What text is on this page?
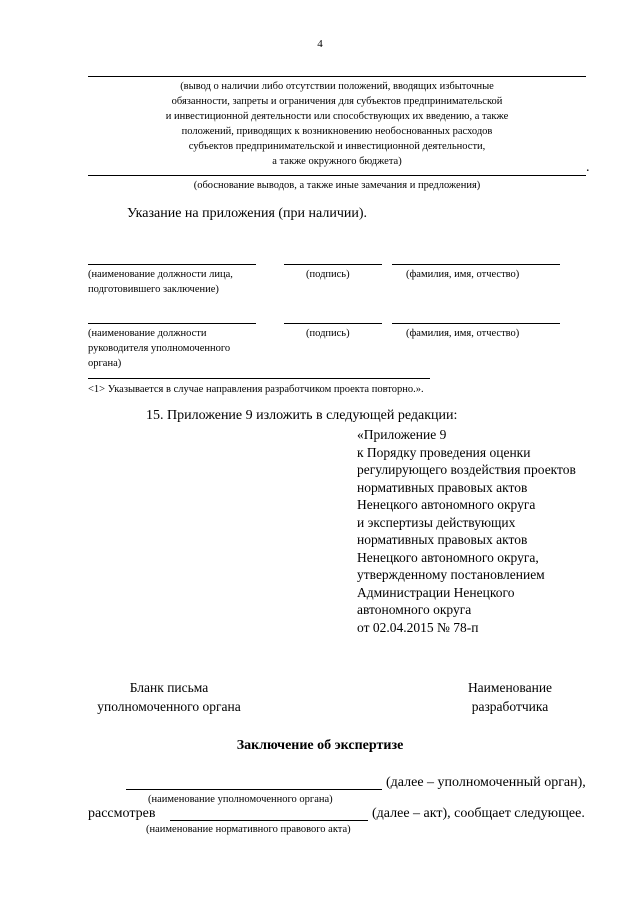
4
(вывод о наличии либо отсутствии положений, вводящих избыточные
обязанности, запреты и ограничения для субъектов предпринимательской
и инвестиционной деятельности или способствующих их введению, а также
положений, приводящих к возникновению необоснованных расходов
субъектов предпринимательской и инвестиционной деятельности,
а также окружного бюджета)	.
(обоснование выводов, а также иные замечания и предложения)
Указание на приложения (при наличии).
(наименование должности лица,
подготовившего заключение)
(подпись)	(фамилия, имя, отчество)
(наименование должности
руководителя уполномоченного
органа)
(подпись)	(фамилия, имя, отчество)
<1> Указывается в случае направления разработчиком проекта повторно.».
15. Приложение 9 изложить в следующей редакции:
«Приложение 9
к Порядку проведения оценки
регулирующего воздействия проектов
нормативных правовых актов
Ненецкого автономного округа
и экспертизы действующих
нормативных правовых актов
Ненецкого автономного округа,
утвержденному постановлением
Администрации Ненецкого
автономного округа
от 02.04.2015 № 78-п
Бланк письма
уполномоченного органа
Наименование
разработчика
Заключение об экспертизе
(далее – уполномоченный орган),
(наименование уполномоченного органа)
рассмотрев	(далее – акт), сообщает следующее.
(наименование нормативного правового акта)
